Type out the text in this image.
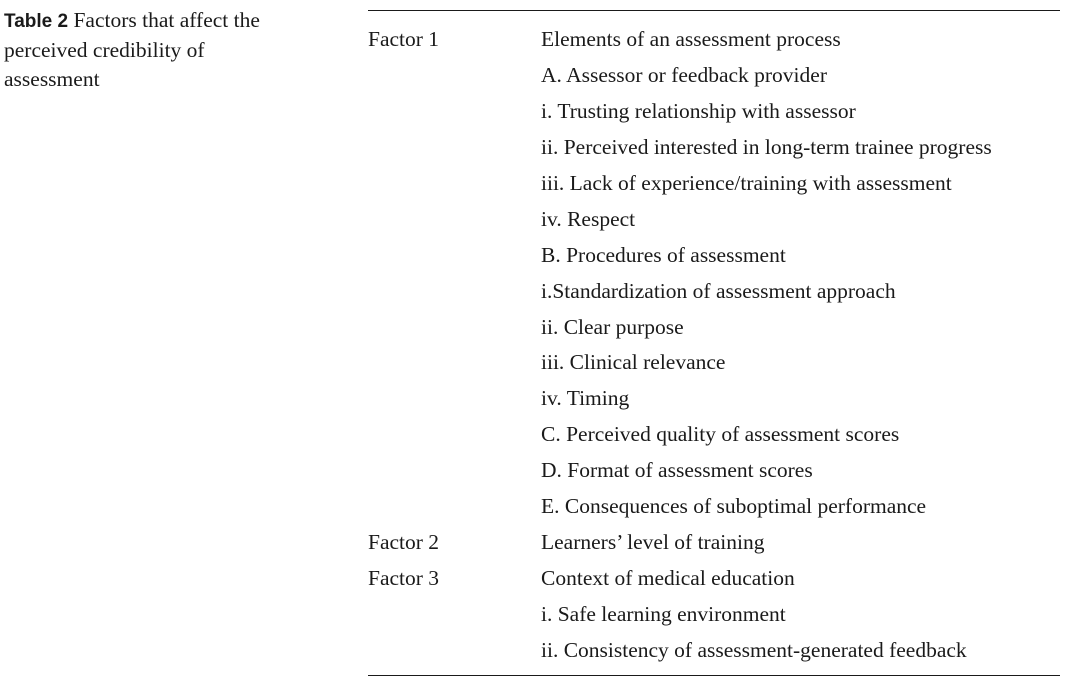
Table 2 Factors that affect the perceived credibility of assessment
Factor 1	Elements of an assessment process
	A. Assessor or feedback provider
	i. Trusting relationship with assessor
	ii. Perceived interested in long-term trainee progress
	iii. Lack of experience/training with assessment
	iv. Respect
	B. Procedures of assessment
	i.Standardization of assessment approach
	ii. Clear purpose
	iii. Clinical relevance
	iv. Timing
	C. Perceived quality of assessment scores
	D. Format of assessment scores
	E. Consequences of suboptimal performance
Factor 2	Learners’ level of training
Factor 3	Context of medical education
	i. Safe learning environment
	ii. Consistency of assessment-generated feedback
